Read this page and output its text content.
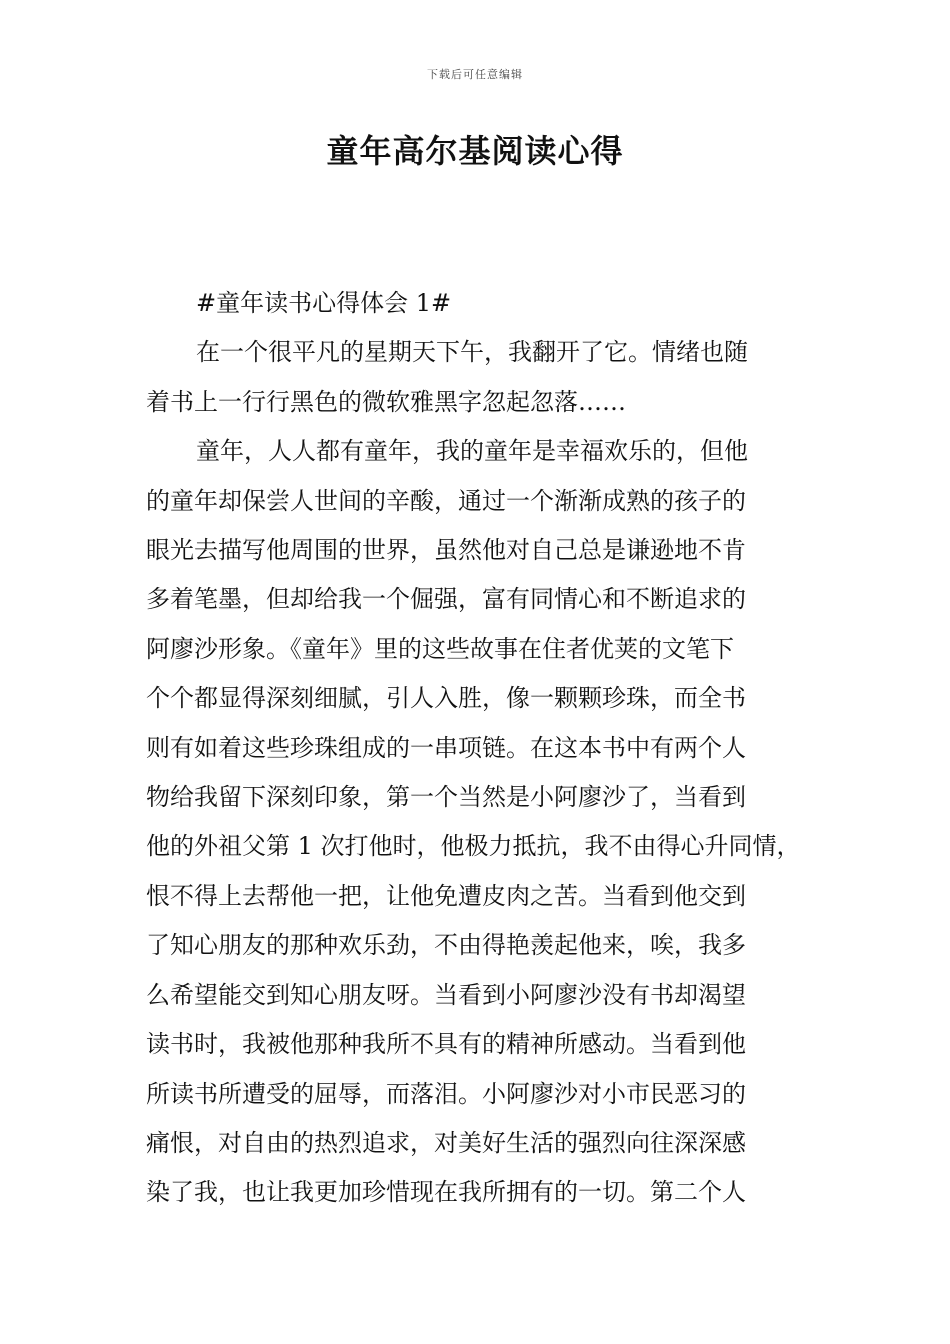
下载后可任意编辑
童年高尔基阅读心得

#童年读书心得体会 1#

在一个很平凡的星期天下午，我翻开了它。情绪也随
着书上一行行黑色的微软雅黑字忽起忽落……

童年，人人都有童年，我的童年是幸福欢乐的，但他
的童年却保尝人世间的辛酸，通过一个渐渐成熟的孩子的
眼光去描写他周围的世界，虽然他对自己总是谦逊地不肯
多着笔墨，但却给我一个倔强，富有同情心和不断追求的
阿廖沙形象。《童年》里的这些故事在住者优荚的文笔下
个个都显得深刻细腻，引人入胜，像一颗颗珍珠，而全书
则有如着这些珍珠组成的一串项链。在这本书中有两个人
物给我留下深刻印象，第一个当然是小阿廖沙了，当看到
他的外祖父第 1 次打他时，他极力抵抗，我不由得心升同情，
恨不得上去帮他一把，让他免遭皮肉之苦。当看到他交到
了知心朋友的那种欢乐劲，不由得艳羡起他来，唉，我多
么希望能交到知心朋友呀。当看到小阿廖沙没有书却渴望
读书时，我被他那种我所不具有的精神所感动。当看到他
所读书所遭受的屈辱，而落泪。小阿廖沙对小市民恶习的
痛恨，对自由的热烈追求，对美好生活的强烈向往深深感
染了我，也让我更加珍惜现在我所拥有的一切。第二个人
